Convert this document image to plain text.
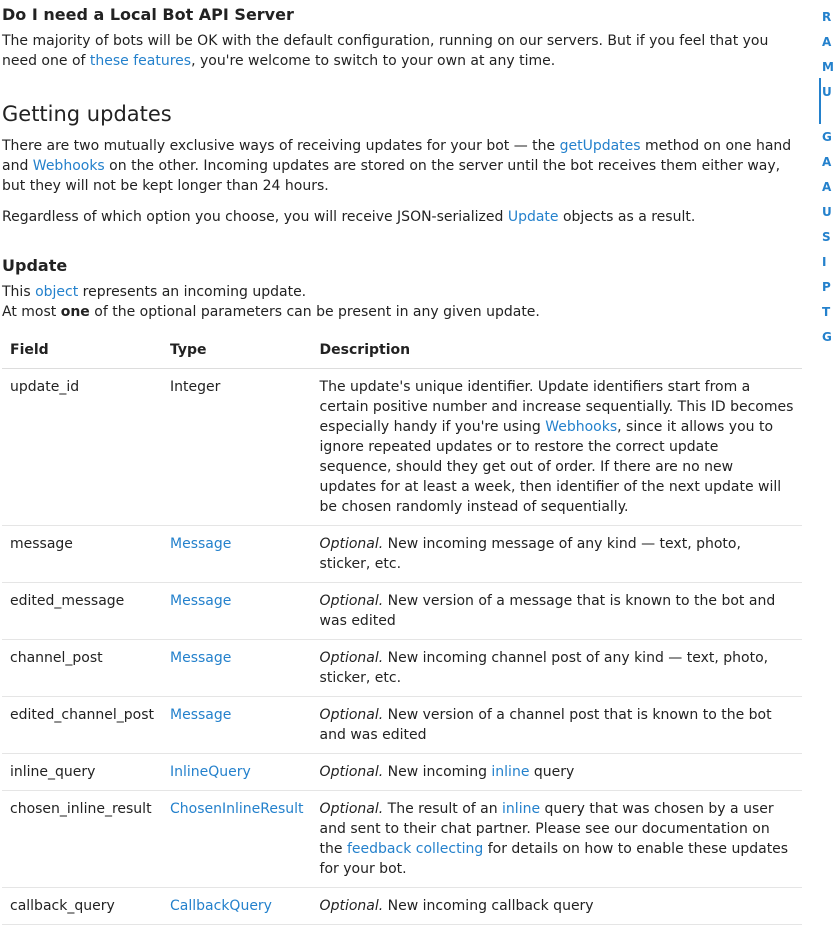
Do I need a Local Bot API Server

The majority of bots will be OK with the default configuration, running on our servers. But if you feel that you need one of these features, you're welcome to switch to your own at any time.

Getting updates

There are two mutually exclusive ways of receiving updates for your bot — the getUpdates method on one hand and Webhooks on the other. Incoming updates are stored on the server until the bot receives them either way, but they will not be kept longer than 24 hours.

Regardless of which option you choose, you will receive JSON-serialized Update objects as a result.

Update

This object represents an incoming update.

At most one of the optional parameters can be present in any given update.

Field	Type	Description
update_id	Integer	The update's unique identifier. Update identifiers start from a certain positive number and increase sequentially. This ID becomes especially handy if you're using Webhooks, since it allows you to ignore repeated updates or to restore the correct update sequence, should they get out of order. If there are no new updates for at least a week, then identifier of the next update will be chosen randomly instead of sequentially.
message	Message	Optional. New incoming message of any kind — text, photo, sticker, etc.
edited_message	Message	Optional. New version of a message that is known to the bot and was edited
channel_post	Message	Optional. New incoming channel post of any kind — text, photo, sticker, etc.
edited_channel_post	Message	Optional. New version of a channel post that is known to the bot and was edited
inline_query	InlineQuery	Optional. New incoming inline query
chosen_inline_result	ChosenInlineResult	Optional. The result of an inline query that was chosen by a user and sent to their chat partner. Please see our documentation on the feedback collecting for details on how to enable these updates for your bot.
callback_query	CallbackQuery	Optional. New incoming callback query
R
A
M
U
G
A
A
U
S
I
P
T
G
